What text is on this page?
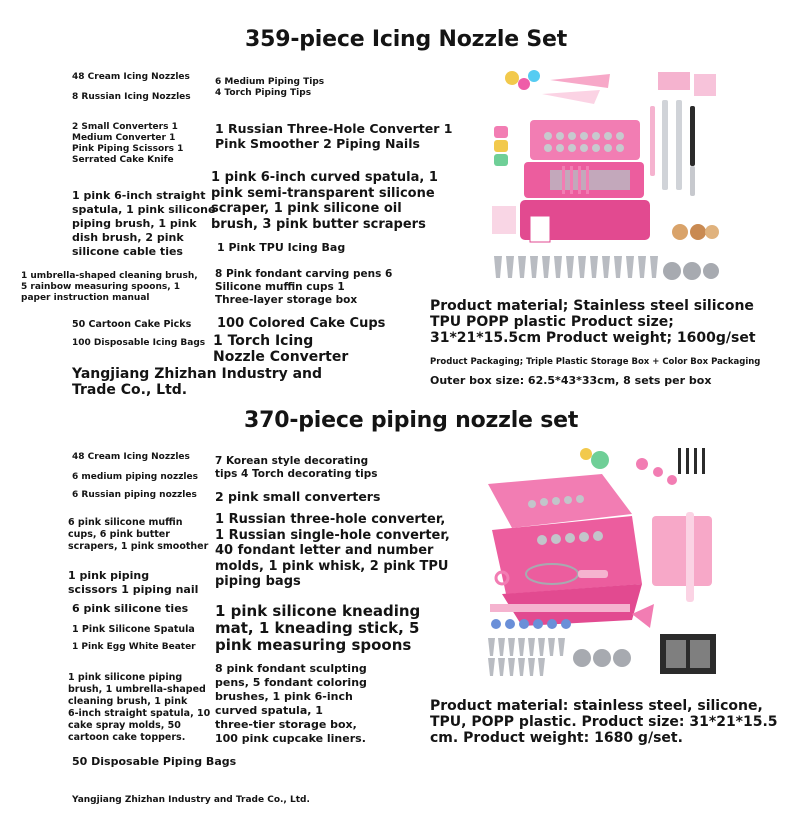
359-piece Icing Nozzle Set

48 Cream Icing Nozzles

8 Russian Icing Nozzles

2 Small Converters 1
Medium Converter 1
Pink Piping Scissors 1
Serrated Cake Knife

1 pink 6-inch straight
spatula, 1 pink silicone
piping brush, 1 pink
dish brush, 2 pink
silicone cable ties

1 umbrella-shaped cleaning brush,
5 rainbow measuring spoons, 1
paper instruction manual

50 Cartoon Cake Picks

100 Disposable Icing Bags

6 Medium Piping Tips
4 Torch Piping Tips

1 Russian Three-Hole Converter 1
Pink Smoother 2 Piping Nails

1 pink 6-inch curved spatula, 1
pink semi-transparent silicone
scraper, 1 pink silicone oil
brush, 3 pink butter scrapers

1 Pink TPU Icing Bag

8 Pink fondant carving pens 6
Silicone muffin cups 1
Three-layer storage box

100 Colored Cake Cups

1 Torch Icing
Nozzle Converter

Yangjiang Zhizhan Industry and
Trade Co., Ltd.

Product material; Stainless steel silicone
TPU POPP plastic Product size;
31*21*15.5cm Product weight; 1600g/set

Product Packaging; Triple Plastic Storage Box + Color Box Packaging

Outer box size: 62.5*43*33cm, 8 sets per box

370-piece piping nozzle set

48 Cream Icing Nozzles

6 medium piping nozzles

6 Russian piping nozzles

6 pink silicone muffin
cups, 6 pink butter
scrapers, 1 pink smoother

1 pink piping
scissors 1 piping nail

6 pink silicone ties

1 Pink Silicone Spatula

1 Pink Egg White Beater

1 pink silicone piping
brush, 1 umbrella-shaped
cleaning brush, 1 pink
6-inch straight spatula, 10
cake spray molds, 50
cartoon cake toppers.

50 Disposable Piping Bags

7 Korean style decorating
tips 4 Torch decorating tips

2 pink small converters

1 Russian three-hole converter,
1 Russian single-hole converter,
40 fondant letter and number
molds, 1 pink whisk, 2 pink TPU
piping bags

1 pink silicone kneading
mat, 1 kneading stick, 5
pink measuring spoons

8 pink fondant sculpting
pens, 5 fondant coloring
brushes, 1 pink 6-inch
curved spatula, 1
three-tier storage box,
100 pink cupcake liners.

Product material: stainless steel, silicone,
TPU, POPP plastic. Product size: 31*21*15.5
cm. Product weight: 1680 g/set.

Yangjiang Zhizhan Industry and Trade Co., Ltd.
